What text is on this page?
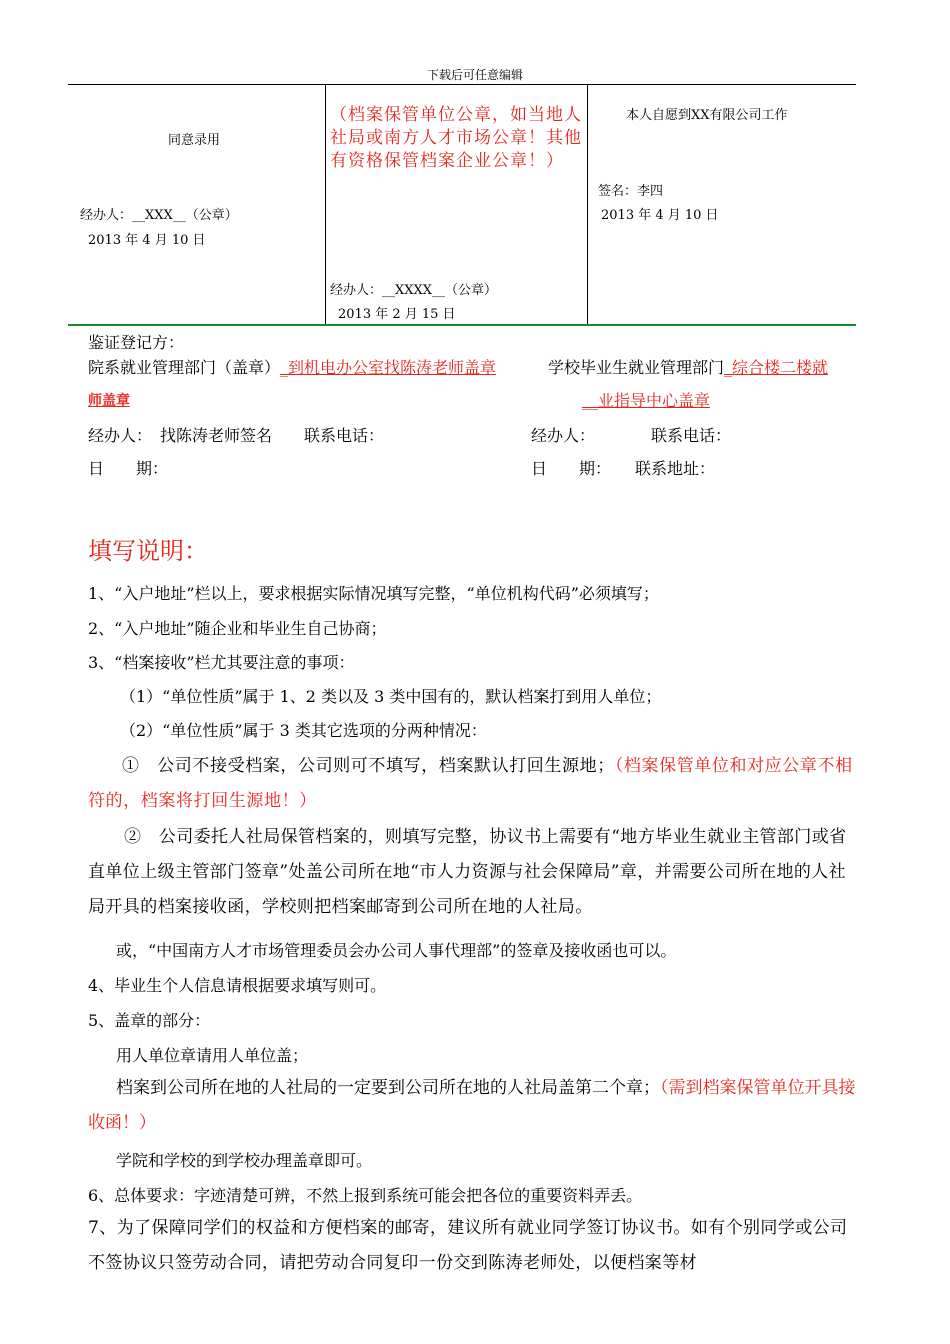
下载后可任意编辑
同意录用
经办人：__XXX__（公章）
2013 年 4 月 10 日
（档案保管单位公章，如当地人社局或南方人才市场公章！其他有资格保管档案企业公章！）
经办人：__XXXX__（公章）
2013 年 2 月 15 日
本人自愿到XX有限公司工作
签名：李四
2013 年 4 月 10 日
鉴证登记方：
院系就业管理部门（盖章）_到机电办公室找陈涛老师盖章
师盖章
学校毕业生就业管理部门_综合楼二楼就
__业指导中心盖章
经办人：　找陈涛老师签名　　联系电话：
日　　期：
经办人：　　　　联系电话：
日　　期：　　联系地址：
填写说明：
1、“入户地址”栏以上，要求根据实际情况填写完整，“单位机构代码”必须填写；
2、“入户地址”随企业和毕业生自己协商；
3、“档案接收”栏尤其要注意的事项：
（1）“单位性质”属于 1、2 类以及 3 类中国有的，默认档案打到用人单位；
（2）“单位性质”属于 3 类其它选项的分两种情况：
①　公司不接受档案，公司则可不填写，档案默认打回生源地；（档案保管单位和对应公章不相符的，档案将打回生源地！）
②　公司委托人社局保管档案的，则填写完整，协议书上需要有“地方毕业生就业主管部门或省直单位上级主管部门签章”处盖公司所在地“市人力资源与社会保障局”章，并需要公司所在地的人社局开具的档案接收函，学校则把档案邮寄到公司所在地的人社局。
或，“中国南方人才市场管理委员会办公司人事代理部”的签章及接收函也可以。
4、毕业生个人信息请根据要求填写则可。
5、盖章的部分：
用人单位章请用人单位盖；
档案到公司所在地的人社局的一定要到公司所在地的人社局盖第二个章；（需到档案保管单位开具接收函！）
学院和学校的到学校办理盖章即可。
6、总体要求：字迹清楚可辨，不然上报到系统可能会把各位的重要资料弄丢。
7、为了保障同学们的权益和方便档案的邮寄，建议所有就业同学签订协议书。如有个别同学或公司不签协议只签劳动合同，请把劳动合同复印一份交到陈涛老师处，以便档案等材
